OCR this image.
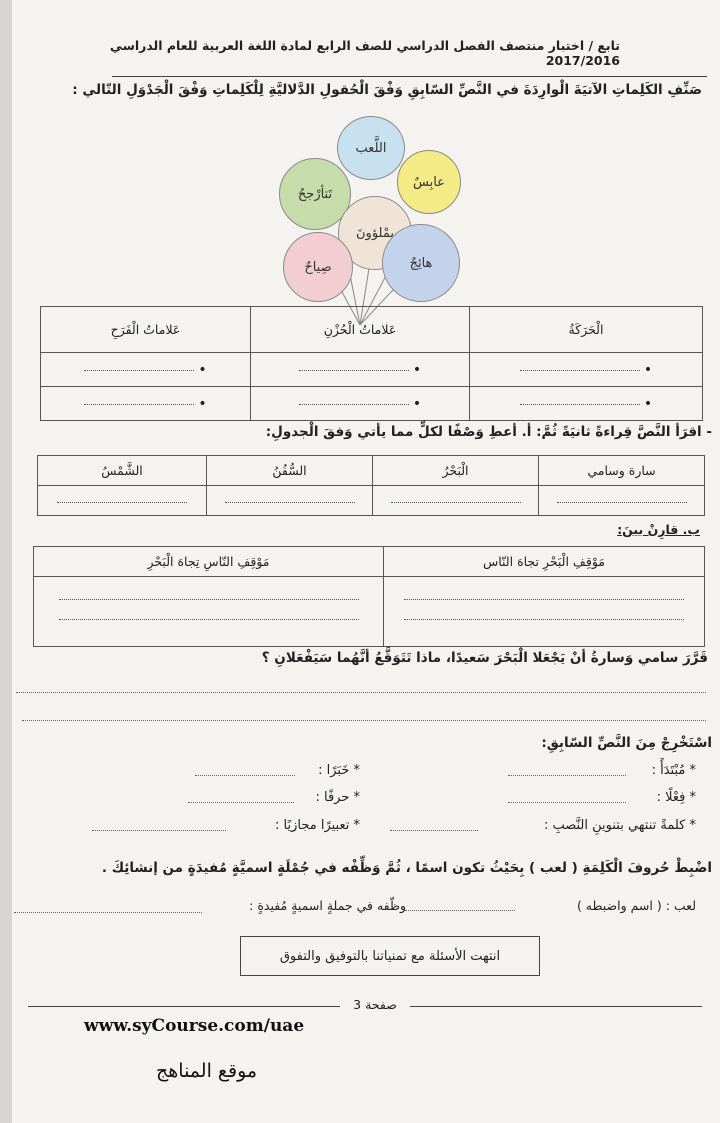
تابع / اختبار منتصف الفصل الدراسي للصف الرابع لمادة اللغة العربية للعام الدراسي 2017/2016
صَنِّفِ الكَلِماتِ الآتيَةَ الْوارِدَةَ في النَّصِّ السّابِقِ وَفْقَ الْحُقولِ الدَّلاليَّةِ لِلْكَلِماتِ وَفْقَ الْجَدْوَلِ التّالي :
اللَّعب
عابِسٌ
تَتأرْجحُ
يمْلؤونَ
صِياحٌ	هائِجٌ
الْحَرَكَةُ	عَلاماتُ الْحُزْنِ	عَلاماتُ الْفَرَحِ
•	•	•
•	•	•
- اقرَأ النَّصَّ قِراءةً ثانيَةً ثُمَّ: أ. أعطِ وَصْفًا لكلٍّ مما يأتي وَفقَ الْجدولِ:
سارة وسامي	الْبَحْرُ	السُّفُنُ	الشَّمْسُ

ب. قارِنْ بينَ:
مَوْقِفِ الْبَحْرِ تجاهَ النّاس	مَوْقِفِ النّاسِ تِجاهَ الْبَحْرِ

قَرَّرَ سامي وَسارةُ أنْ يَجْعَلا الْبَحْرَ سَعيدًا، ماذا تَتَوَقَّعُ أنَّهُما سَيَفْعَلانِ ؟
اسْتَخْرِجْ مِنَ النَّصِّ السّابِقِ:
* مُبْتَدَأً :
* خَبَرًا :
* فِعْلًا :
* حرفًا :
* كلمةً تنتهي بتنوينِ النَّصبِ :
* تعبيرًا مجازيًا :
اضْبِطْ حُروفَ الْكَلِمَةِ ( لعب ) بِحَيْثُ تكون اسمًا ، ثُمَّ وَظِّفْه في جُمْلَةٍ اسميَّةٍ مُفيدَةٍ من إنشائِكَ .
لعب : ( اسم واضبطه )
وظّفه في جملةٍ اسميةٍ مُفيدةٍ :
انتهت الأسئلة مع تمنياتنا بالتوفيق والتفوق
صفحة 3
www.syCourse.com/uae
موقع المناهج
